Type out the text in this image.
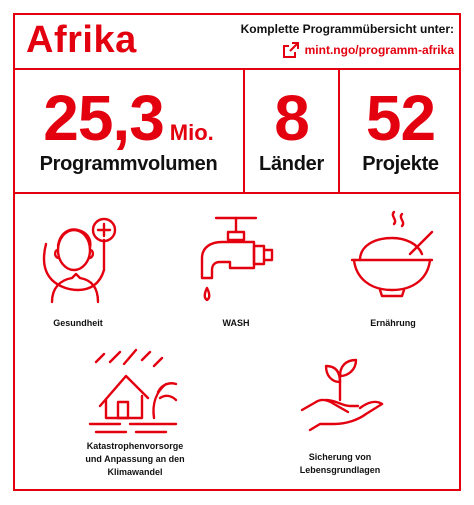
Afrika	Komplette Programmübersicht unter:
mint.ngo/programm-afrika
25,3 Mio.
Programmvolumen
8
Länder
52
Projekte
Gesundheit	WASH	Ernährung
Katastrophenvorsorge
und Anpassung an den
Klimawandel
Sicherung von
Lebensgrundlagen
